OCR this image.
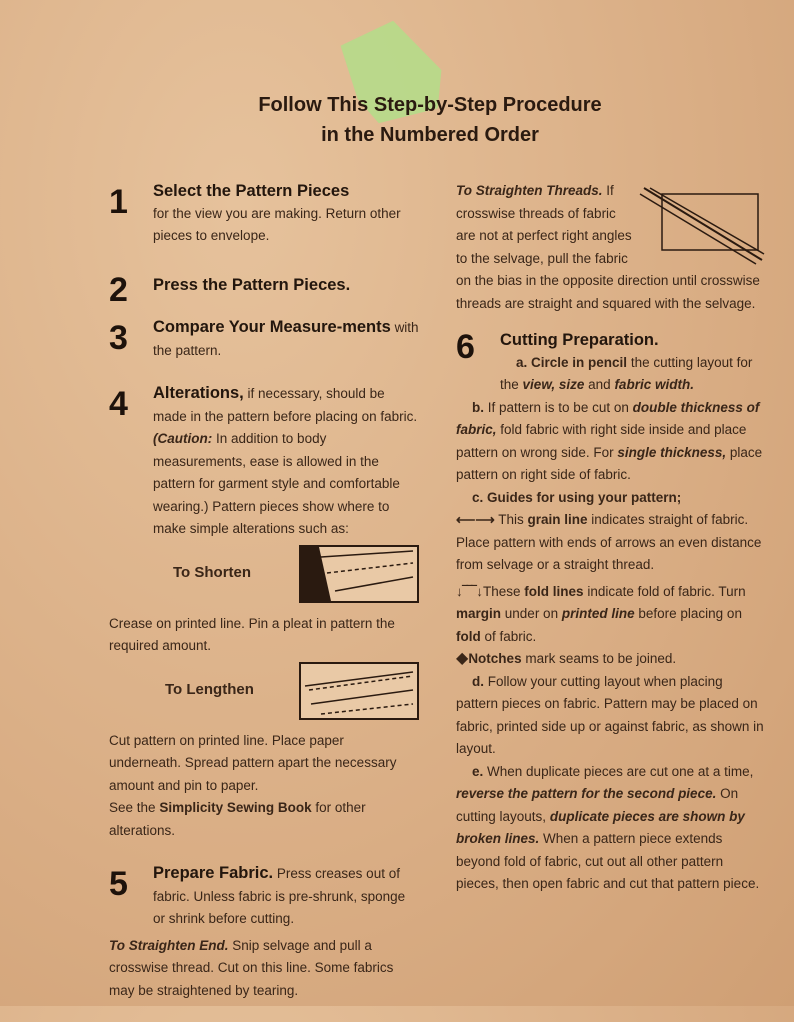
Follow This Step-by-Step Procedure
in the Numbered Order
1 Select the Pattern Pieces
for the view you are making. Return other pieces to envelope.
2 Press the Pattern Pieces.
3 Compare Your Measure-ments with the pattern.
4 Alterations, if necessary, should be made in the pattern before placing on fabric. (Caution: In addition to body measurements, ease is allowed in the pattern for garment style and comfortable wearing.) Pattern pieces show where to make simple alterations such as:
To Shorten

Crease on printed line. Pin a pleat in pattern the required amount.

To Lengthen

Cut pattern on printed line. Place paper underneath. Spread pattern apart the necessary amount and pin to paper.

See the Simplicity Sewing Book for other alterations.

5 Prepare Fabric. Press creases out of fabric. Unless fabric is pre-shrunk, sponge or shrink before cutting.

To Straighten End. Snip selvage and pull a crosswise thread. Cut on this line. Some fabrics may be straightened by tearing.

To Straighten Threads. If crosswise threads of fabric are not at perfect right angles to the selvage, pull the fabric on the bias in the opposite direction until crosswise threads are straight and squared with the selvage.
6 Cutting Preparation.

a. Circle in pencil the cutting layout for the view, size and fabric width.

b. If pattern is to be cut on double thickness of fabric, fold fabric with right side inside and place pattern on wrong side. For single thickness, place pattern on right side of fabric.

c. Guides for using your pattern;

⟵⟶ This grain line indicates straight of fabric. Place pattern with ends of arrows an even distance from selvage or a straight thread.

↓‾‾‾↓These fold lines indicate fold of fabric. Turn margin under on printed line before placing on fold of fabric.

◆Notches mark seams to be joined.

d. Follow your cutting layout when placing pattern pieces on fabric. Pattern may be placed on fabric, printed side up or against fabric, as shown in layout.

e. When duplicate pieces are cut one at a time, reverse the pattern for the second piece. On cutting layouts, duplicate pieces are shown by broken lines. When a pattern piece extends beyond fold of fabric, cut out all other pattern pieces, then open fabric and cut that pattern piece.
